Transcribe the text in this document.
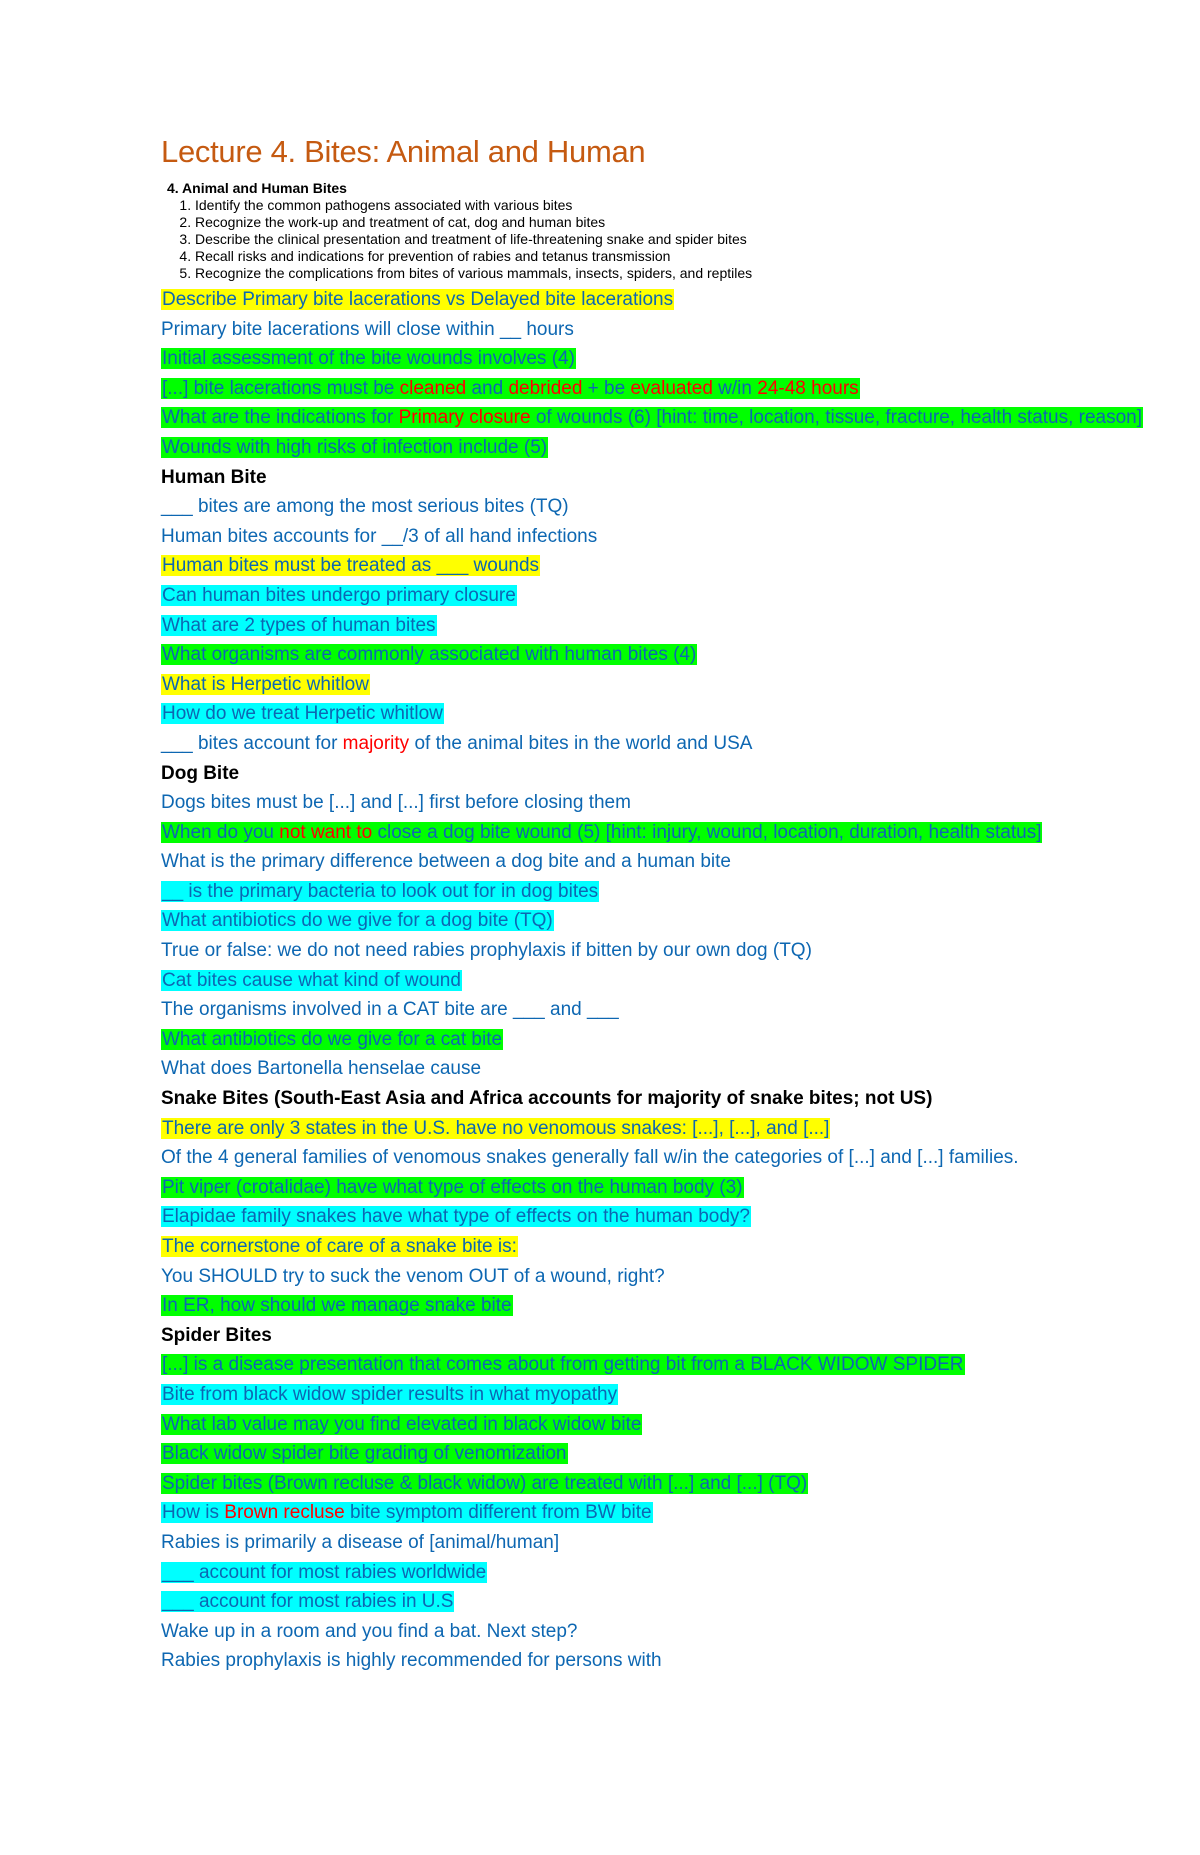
Lecture 4. Bites: Animal and Human
4. Animal and Human Bites
1. Identify the common pathogens associated with various bites
2. Recognize the work-up and treatment of cat, dog and human bites
3. Describe the clinical presentation and treatment of life-threatening snake and spider bites
4. Recall risks and indications for prevention of rabies and tetanus transmission
5. Recognize the complications from bites of various mammals, insects, spiders, and reptiles
Describe Primary bite lacerations vs Delayed bite lacerations
Primary bite lacerations will close within __ hours
Initial assessment of the bite wounds involves (4)
[...] bite lacerations must be cleaned and debrided + be evaluated w/in 24-48 hours
What are the indications for Primary closure of wounds (6) [hint: time, location, tissue, fracture, health status, reason]
Wounds with high risks of infection include (5)
Human Bite
___ bites are among the most serious bites (TQ)
Human bites accounts for __/3 of all hand infections
Human bites must be treated as ___ wounds
Can human bites undergo primary closure
What are 2 types of human bites
What organisms are commonly associated with human bites (4)
What is Herpetic whitlow
How do we treat Herpetic whitlow
___ bites account for majority of the animal bites in the world and USA
Dog Bite
Dogs bites must be [...] and [...] first before closing them
When do you not want to close a dog bite wound (5) [hint: injury, wound, location, duration, health status]
What is the primary difference between a dog bite and a human bite
__ is the primary bacteria to look out for in dog bites
What antibiotics do we give for a dog bite (TQ)
True or false: we do not need rabies prophylaxis if bitten by our own dog (TQ)
Cat bites cause what kind of wound
The organisms involved in a CAT bite are ___ and ___
What antibiotics do we give for a cat bite
What does Bartonella henselae cause
Snake Bites (South-East Asia and Africa accounts for majority of snake bites; not US)
There are only 3 states in the U.S. have no venomous snakes: [...], [...], and [...]
Of the 4 general families of venomous snakes generally fall w/in the categories of [...] and [...] families.
Pit viper (crotalidae) have what type of effects on the human body (3)
Elapidae family snakes have what type of effects on the human body?
The cornerstone of care of a snake bite is:
You SHOULD try to suck the venom OUT of a wound, right?
In ER, how should we manage snake bite
Spider Bites
[...] is a disease presentation that comes about from getting bit from a BLACK WIDOW SPIDER
Bite from black widow spider results in what myopathy
What lab value may you find elevated in black widow bite
Black widow spider bite grading of venomization
Spider bites (Brown recluse & black widow) are treated with [...] and [...] (TQ)
How is Brown recluse bite symptom different from BW bite
Rabies is primarily a disease of [animal/human]
___ account for most rabies worldwide
___ account for most rabies in U.S
Wake up in a room and you find a bat. Next step?
Rabies prophylaxis is highly recommended for persons with
